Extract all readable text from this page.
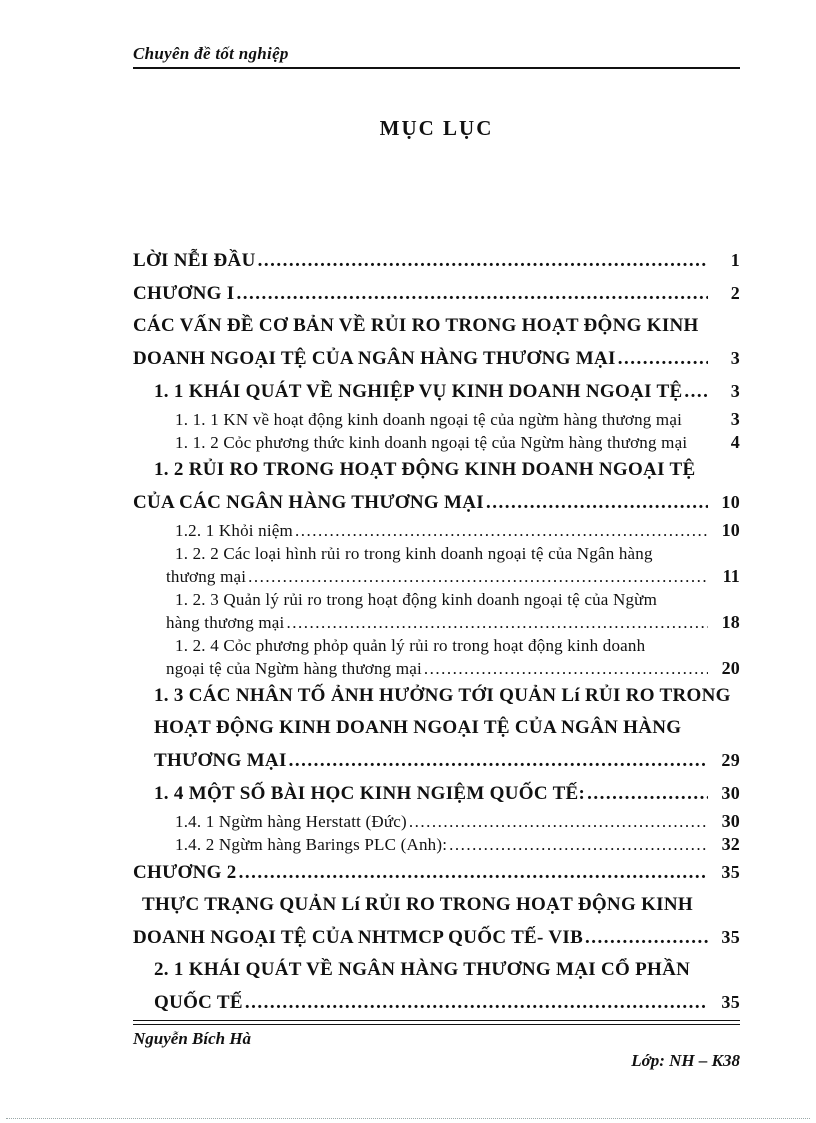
Chuyên đề tốt nghiệp
MỤC LỤC
LỜI NỄI ĐẦU .....	1
CHƯƠNG I .....	2
CÁC VẤN ĐỀ CƠ BẢN VỀ RỦI RO TRONG HOẠT ĐỘNG KINH
DOANH NGOẠI TỆ CỦA NGÂN HÀNG THƯƠNG MẠI .....	3
1. 1 KHÁI QUÁT VỀ NGHIỆP VỤ KINH DOANH NGOẠI TỆ .....	3
1. 1. 1 KN về hoạt động kinh doanh ngoại tệ của ngừm hàng thương mại	3
1. 1. 2 Cỏc phương thức kinh doanh ngoại tệ của Ngừm hàng thương mại	4
1. 2 RỦI RO TRONG HOẠT ĐỘNG KINH DOANH NGOẠI TỆ
CỦA CÁC NGÂN HÀNG THƯƠNG MẠI .....	10
1.2. 1 Khỏi niệm .....	10
1. 2. 2 Các loại hình rủi ro trong kinh doanh ngoại tệ của Ngân hàng
thương mại .....	11
1. 2. 3 Quản lý rủi ro trong hoạt động kinh doanh ngoại tệ của Ngừm
hàng thương mại .....	18
1. 2. 4 Cỏc phương phỏp quản lý rủi ro trong hoạt động kinh doanh
ngoại tệ của Ngừm hàng thương mại .....	20
1. 3 CÁC NHÂN TỐ ẢNH HƯỞNG TỚI QUẢN Lí RỦI RO TRONG
HOẠT ĐỘNG KINH DOANH NGOẠI TỆ CỦA NGÂN HÀNG
THƯƠNG MẠI .....	29
1. 4 MỘT SỐ BÀI HỌC KINH NGIỆM QUỐC TẾ: .....	30
1.4. 1 Ngừm hàng Herstatt (Đức) .....	30
1.4. 2 Ngừm hàng Barings PLC (Anh): .....	32
CHƯƠNG 2 .....	35
THỰC TRẠNG QUẢN Lí RỦI RO TRONG HOẠT ĐỘNG KINH
DOANH NGOẠI TỆ CỦA NHTMCP QUỐC TẾ- VIB .....	35
2. 1 KHÁI QUÁT VỀ NGÂN HÀNG THƯƠNG MẠI CỔ PHẦN
QUỐC TẾ .....	35
Nguyễn Bích Hà
Lớp: NH – K38
